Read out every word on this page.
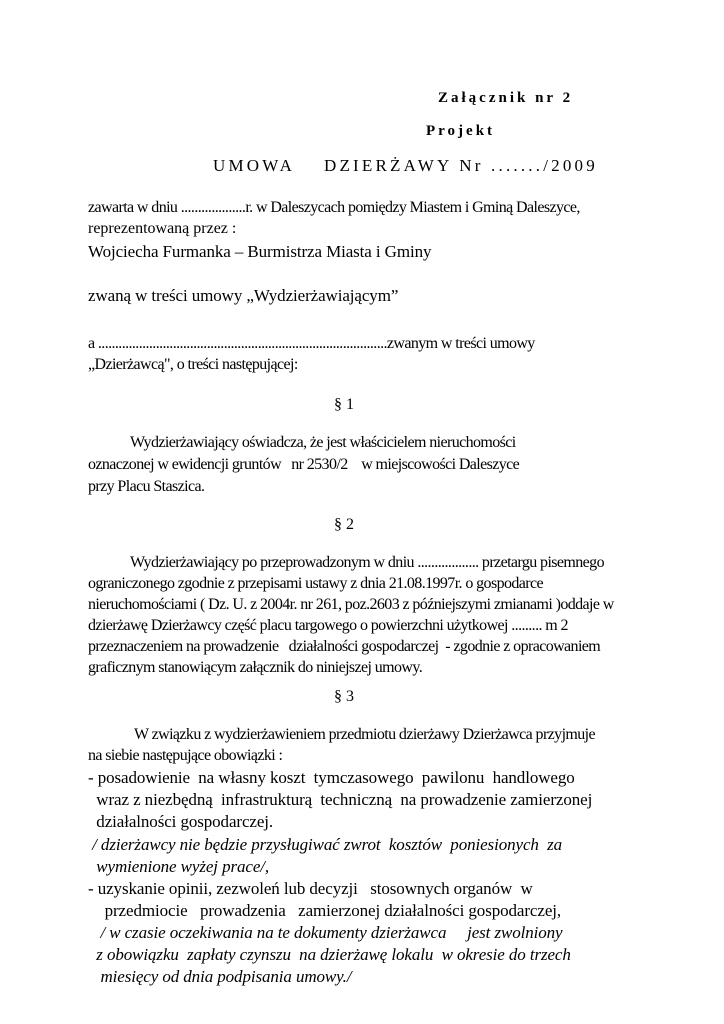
Załącznik nr 2
Projekt
UMOWA    DZIERŻAWY Nr ......./2009
zawarta w dniu ...................r. w Daleszycach pomiędzy Miastem i Gminą Daleszyce,
reprezentowaną przez :
Wojciecha Furmanka – Burmistrza Miasta i Gminy
zwaną w treści umowy „Wydzierżawiającym”
a .....................................................................................zwanym w treści umowy
„Dzierżawcą", o treści następującej:
§ 1
Wydzierżawiający oświadcza, że jest właścicielem nieruchomości
oznaczonej w ewidencji gruntów   nr 2530/2    w miejscowości Daleszyce
przy Placu Staszica.
§ 2
Wydzierżawiający po przeprowadzonym w dniu .................. przetargu pisemnego
ograniczonego zgodnie z przepisami ustawy z dnia 21.08.1997r. o gospodarce
nieruchomościami ( Dz. U. z 2004r. nr 261, poz.2603 z późniejszymi zmianami )oddaje w
dzierżawę Dzierżawcy część placu targowego o powierzchni użytkowej ......... m 2
przeznaczeniem na prowadzenie   działalności gospodarczej  - zgodnie z opracowaniem
graficznym stanowiącym załącznik do niniejszej umowy.
§ 3
W związku z wydzierżawieniem przedmiotu dzierżawy Dzierżawca przyjmuje
na siebie następujące obowiązki :
- posadowienie  na własny koszt  tymczasowego  pawilonu  handlowego
wraz z niezbędną  infrastrukturą  techniczną  na prowadzenie zamierzonej
działalności gospodarczej.
/ dzierżawcy nie będzie przysługiwać zwrot  kosztów  poniesionych  za
wymienione wyżej prace/,
- uzyskanie opinii, zezwoleń lub decyzji   stosownych organów  w
przedmiocie   prowadzenia   zamierzonej działalności gospodarczej,
/ w czasie oczekiwania na te dokumenty dzierżawca     jest zwolniony
z obowiązku  zapłaty czynszu  na dzierżawę lokalu  w okresie do trzech
miesięcy od dnia podpisania umowy./
